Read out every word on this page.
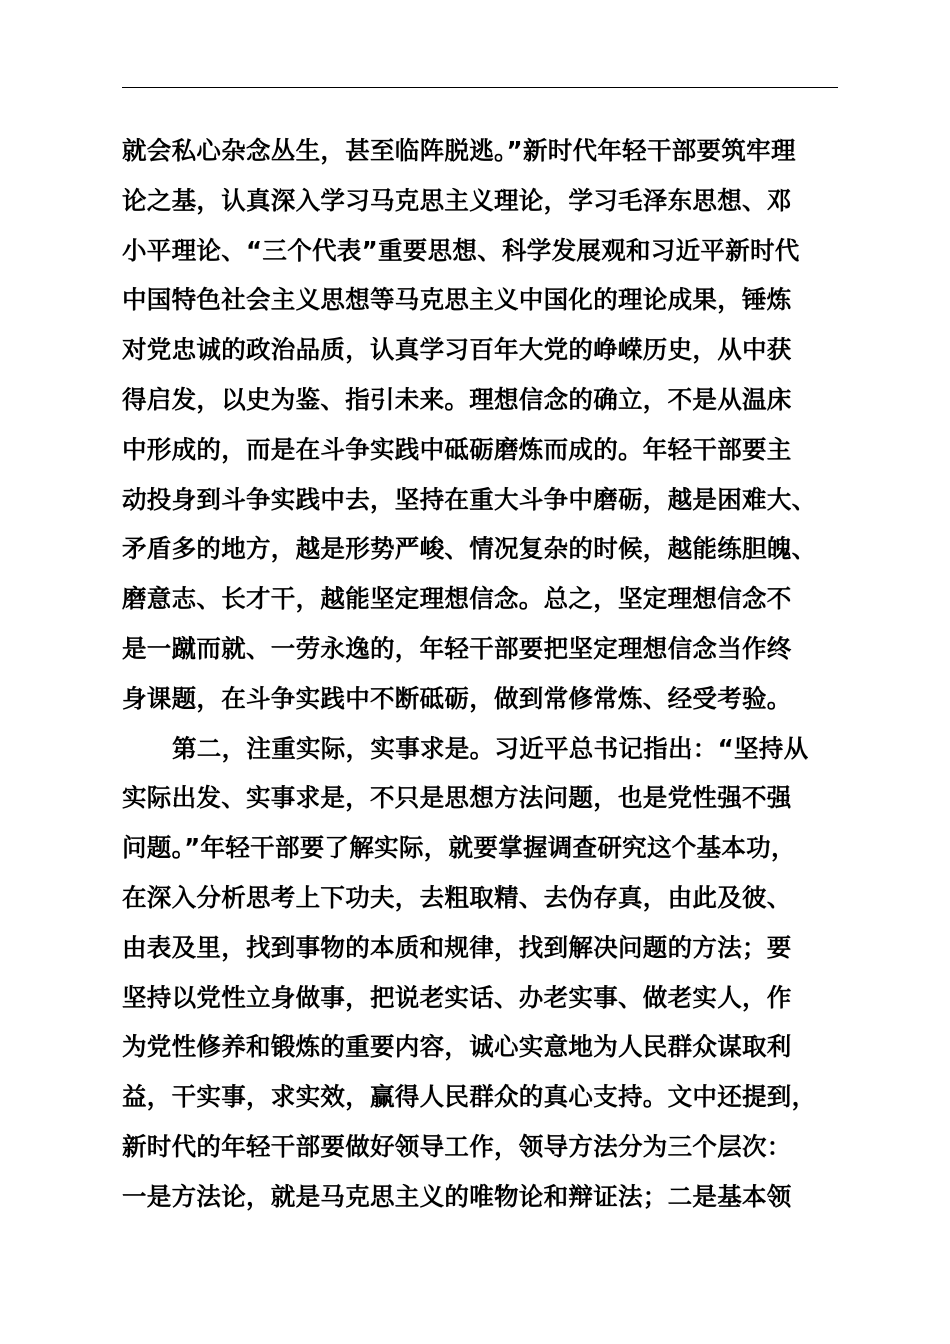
就会私心杂念丛生，甚至临阵脱逃。”新时代年轻干部要筑牢理
论之基，认真深入学习马克思主义理论，学习毛泽东思想、邓
小平理论、“三个代表”重要思想、科学发展观和习近平新时代
中国特色社会主义思想等马克思主义中国化的理论成果，锤炼
对党忠诚的政治品质，认真学习百年大党的峥嵘历史，从中获
得启发，以史为鉴、指引未来。理想信念的确立，不是从温床
中形成的，而是在斗争实践中砥砺磨炼而成的。年轻干部要主
动投身到斗争实践中去，坚持在重大斗争中磨砺，越是困难大、
矛盾多的地方，越是形势严峻、情况复杂的时候，越能练胆魄、
磨意志、长才干，越能坚定理想信念。总之，坚定理想信念不
是一蹴而就、一劳永逸的，年轻干部要把坚定理想信念当作终
身课题，在斗争实践中不断砥砺，做到常修常炼、经受考验。
第二，注重实际，实事求是。习近平总书记指出：“坚持从
实际出发、实事求是，不只是思想方法问题，也是党性强不强
问题。”年轻干部要了解实际，就要掌握调查研究这个基本功，
在深入分析思考上下功夫，去粗取精、去伪存真，由此及彼、
由表及里，找到事物的本质和规律，找到解决问题的方法；要
坚持以党性立身做事，把说老实话、办老实事、做老实人，作
为党性修养和锻炼的重要内容，诚心实意地为人民群众谋取利
益，干实事，求实效，赢得人民群众的真心支持。文中还提到，
新时代的年轻干部要做好领导工作，领导方法分为三个层次：
一是方法论，就是马克思主义的唯物论和辩证法；二是基本领
